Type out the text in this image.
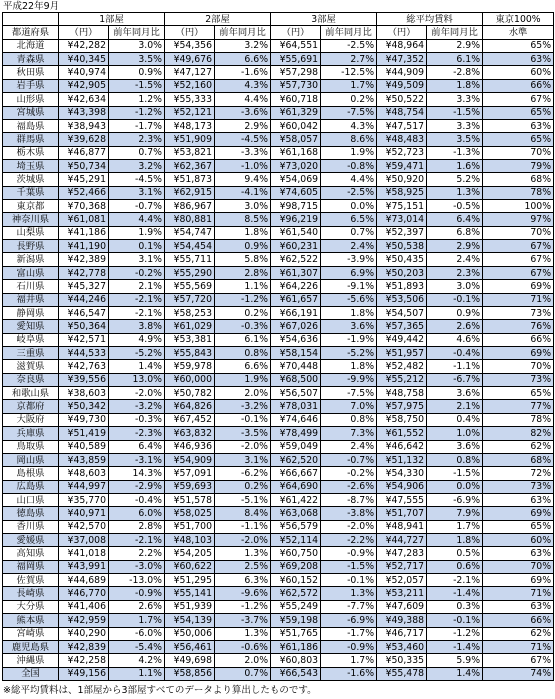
平成22年9月
	1部屋		2部屋		3部屋		総平均賃料		東京100%
都道府県	（円）	前年同月比	（円）	前年同月比	（円）	前年同月比	（円）	前年同月比	水準
北海道	¥42,282	3.0%	¥54,356	3.2%	¥64,551	-2.5%	¥48,964	2.9%	65%
青森県	¥40,345	3.5%	¥49,676	6.6%	¥55,691	2.7%	¥47,352	6.1%	63%
秋田県	¥40,974	0.9%	¥47,127	-1.6%	¥57,298	-12.5%	¥44,909	-2.8%	60%
岩手県	¥42,905	-1.5%	¥52,160	4.3%	¥57,730	1.7%	¥49,509	1.8%	66%
山形県	¥42,634	1.2%	¥55,333	4.4%	¥60,718	0.2%	¥50,522	3.3%	67%
宮城県	¥43,398	-1.2%	¥52,121	-3.6%	¥61,329	-7.5%	¥48,754	-1.5%	65%
福島県	¥38,943	-1.7%	¥48,173	2.9%	¥60,042	4.3%	¥47,517	3.3%	63%
群馬県	¥39,628	2.3%	¥51,909	-4.5%	¥58,057	8.6%	¥48,483	3.5%	65%
栃木県	¥46,877	0.7%	¥53,821	-3.3%	¥61,168	1.9%	¥52,723	-1.3%	70%
埼玉県	¥50,734	3.2%	¥62,367	-1.0%	¥73,020	-0.8%	¥59,471	1.6%	79%
茨城県	¥45,291	-4.5%	¥51,873	9.4%	¥54,069	4.4%	¥50,920	5.2%	68%
千葉県	¥52,466	3.1%	¥62,915	-4.1%	¥74,605	-2.5%	¥58,925	1.3%	78%
東京都	¥70,368	-0.7%	¥86,967	3.0%	¥98,715	0.0%	¥75,151	-0.5%	100%
神奈川県	¥61,081	4.4%	¥80,881	8.5%	¥96,219	6.5%	¥73,014	6.4%	97%
山梨県	¥41,186	1.9%	¥54,747	1.8%	¥61,540	0.7%	¥52,397	6.8%	70%
長野県	¥41,190	0.1%	¥54,454	0.9%	¥60,231	2.4%	¥50,538	2.9%	67%
新潟県	¥42,389	3.1%	¥55,711	5.8%	¥62,522	-3.9%	¥50,435	2.4%	67%
富山県	¥42,778	-0.2%	¥55,290	2.8%	¥61,307	6.9%	¥50,203	2.3%	67%
石川県	¥45,327	2.1%	¥55,569	1.1%	¥64,226	-9.1%	¥51,893	3.0%	69%
福井県	¥44,246	-2.1%	¥57,720	-1.2%	¥61,657	-5.6%	¥53,506	-0.1%	71%
静岡県	¥46,547	-2.1%	¥58,253	0.2%	¥66,191	1.8%	¥54,507	0.9%	73%
愛知県	¥50,364	3.8%	¥61,029	-0.3%	¥67,026	3.6%	¥57,365	2.6%	76%
岐阜県	¥42,571	4.9%	¥53,381	6.1%	¥54,636	-1.9%	¥49,442	4.6%	66%
三重県	¥44,533	-5.2%	¥55,843	0.8%	¥58,154	-5.2%	¥51,957	-0.4%	69%
滋賀県	¥42,763	1.4%	¥59,978	6.6%	¥70,448	1.8%	¥52,482	-1.1%	70%
奈良県	¥39,556	13.0%	¥60,000	1.9%	¥68,500	-9.9%	¥55,212	-6.7%	73%
和歌山県	¥38,603	-2.0%	¥50,782	2.0%	¥56,507	-7.5%	¥48,758	3.6%	65%
京都府	¥50,342	-3.2%	¥64,826	-3.2%	¥78,031	7.0%	¥57,975	2.1%	77%
大阪府	¥49,730	-0.3%	¥67,452	-0.1%	¥74,646	0.8%	¥58,750	0.4%	78%
兵庫県	¥51,419	-2.3%	¥63,832	-3.5%	¥78,499	7.3%	¥61,552	1.0%	82%
鳥取県	¥40,589	6.4%	¥46,936	-2.0%	¥59,049	2.4%	¥46,642	3.6%	62%
岡山県	¥43,859	-3.1%	¥54,909	3.1%	¥62,520	-0.7%	¥51,132	0.8%	68%
島根県	¥48,603	14.3%	¥57,091	-6.2%	¥66,667	-0.2%	¥54,330	-1.5%	72%
広島県	¥44,997	-2.9%	¥59,693	0.2%	¥64,690	-2.6%	¥54,906	0.0%	73%
山口県	¥35,770	-0.4%	¥51,578	-5.1%	¥61,422	-8.7%	¥47,555	-6.9%	63%
徳島県	¥40,971	6.0%	¥58,025	8.4%	¥63,068	-3.8%	¥51,707	7.9%	69%
香川県	¥42,570	2.8%	¥51,700	-1.1%	¥56,579	-2.0%	¥48,941	1.7%	65%
愛媛県	¥37,008	-2.1%	¥48,103	-2.0%	¥52,114	-2.2%	¥44,727	1.8%	60%
高知県	¥41,018	2.2%	¥54,205	1.3%	¥60,750	-0.9%	¥47,283	0.5%	63%
福岡県	¥43,991	-3.0%	¥60,622	2.5%	¥69,208	-1.5%	¥52,717	0.6%	70%
佐賀県	¥44,689	-13.0%	¥51,295	6.3%	¥60,152	-0.1%	¥52,057	-2.1%	69%
長崎県	¥46,770	-0.9%	¥55,141	-9.6%	¥62,572	1.3%	¥53,211	-1.4%	71%
大分県	¥41,406	2.6%	¥51,939	-1.2%	¥55,249	-7.7%	¥47,609	0.3%	63%
熊本県	¥42,959	1.7%	¥54,139	-3.7%	¥59,198	-6.9%	¥49,388	-0.1%	66%
宮崎県	¥40,290	-6.0%	¥50,006	1.3%	¥51,765	-1.7%	¥46,717	-1.2%	62%
鹿児島県	¥42,839	-5.4%	¥56,461	-0.6%	¥61,186	-0.9%	¥53,460	-1.4%	71%
沖縄県	¥42,258	4.2%	¥49,698	2.0%	¥60,803	1.7%	¥50,335	5.9%	67%
全国	¥49,156	1.1%	¥58,856	0.7%	¥66,543	-1.6%	¥55,478	1.4%	74%
※総平均賃料は、1部屋から3部屋すべてのデータより算出したものです。
